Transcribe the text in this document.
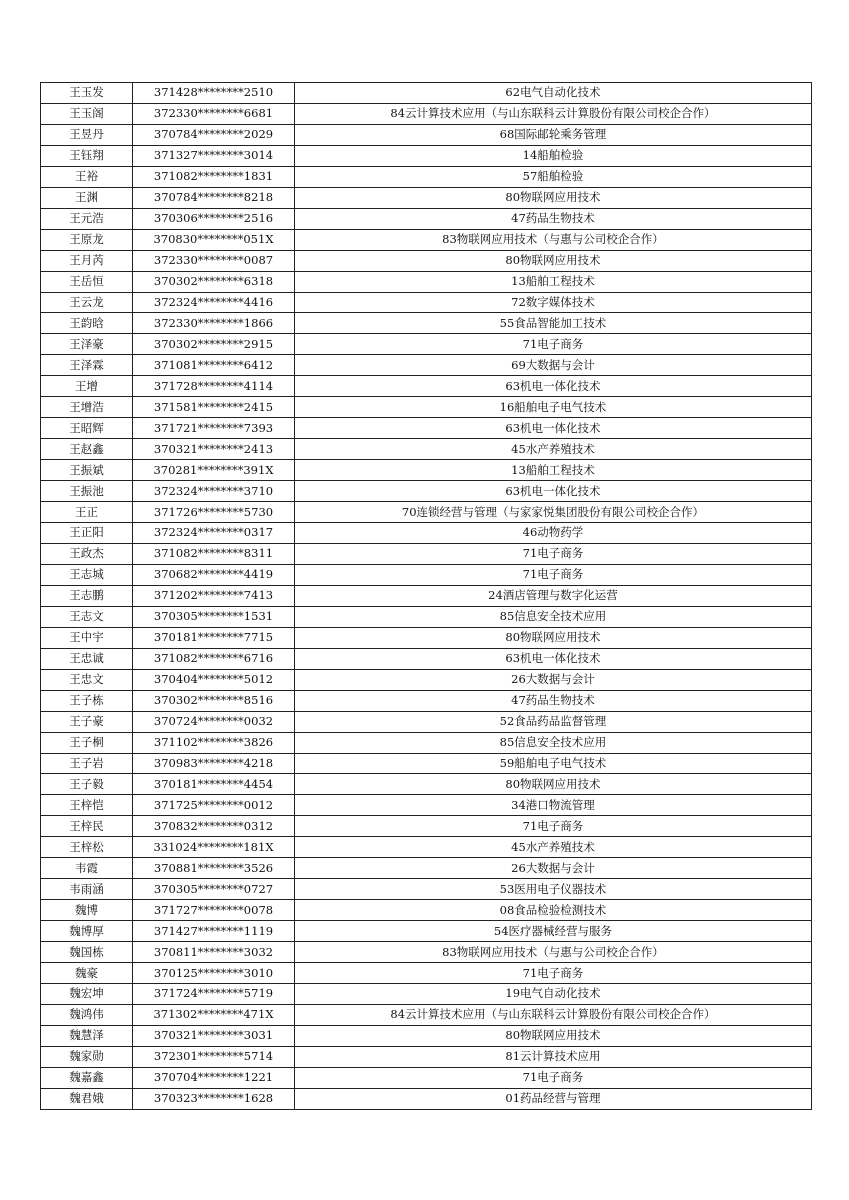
王玉发	371428********2510	62电气自动化技术
王玉阁	372330********6681	84云计算技术应用（与山东联科云计算股份有限公司校企合作）
王昱丹	370784********2029	68国际邮轮乘务管理
王钰翔	371327********3014	14船舶检验
王裕	371082********1831	57船舶检验
王渊	370784********8218	80物联网应用技术
王元浩	370306********2516	47药品生物技术
王原龙	370830********051X	83物联网应用技术（与惠与公司校企合作）
王月芮	372330********0087	80物联网应用技术
王岳恒	370302********6318	13船舶工程技术
王云龙	372324********4416	72数字媒体技术
王韵晗	372330********1866	55食品智能加工技术
王泽豪	370302********2915	71电子商务
王泽霖	371081********6412	69大数据与会计
王增	371728********4114	63机电一体化技术
王增浩	371581********2415	16船舶电子电气技术
王昭辉	371721********7393	63机电一体化技术
王赵鑫	370321********2413	45水产养殖技术
王振斌	370281********391X	13船舶工程技术
王振池	372324********3710	63机电一体化技术
王正	371726********5730	70连锁经营与管理（与家家悦集团股份有限公司校企合作）
王正阳	372324********0317	46动物药学
王政杰	371082********8311	71电子商务
王志城	370682********4419	71电子商务
王志鹏	371202********7413	24酒店管理与数字化运营
王志文	370305********1531	85信息安全技术应用
王中宇	370181********7715	80物联网应用技术
王忠诚	371082********6716	63机电一体化技术
王忠文	370404********5012	26大数据与会计
王子栋	370302********8516	47药品生物技术
王子豪	370724********0032	52食品药品监督管理
王子桐	371102********3826	85信息安全技术应用
王子岩	370983********4218	59船舶电子电气技术
王子毅	370181********4454	80物联网应用技术
王梓恺	371725********0012	34港口物流管理
王梓民	370832********0312	71电子商务
王梓松	331024********181X	45水产养殖技术
韦霞	370881********3526	26大数据与会计
韦雨涵	370305********0727	53医用电子仪器技术
魏博	371727********0078	08食品检验检测技术
魏博厚	371427********1119	54医疗器械经营与服务
魏国栋	370811********3032	83物联网应用技术（与惠与公司校企合作）
魏豪	370125********3010	71电子商务
魏宏坤	371724********5719	19电气自动化技术
魏鸿伟	371302********471X	84云计算技术应用（与山东联科云计算股份有限公司校企合作）
魏慧泽	370321********3031	80物联网应用技术
魏家勋	372301********5714	81云计算技术应用
魏嘉鑫	370704********1221	71电子商务
魏君娥	370323********1628	01药品经营与管理
